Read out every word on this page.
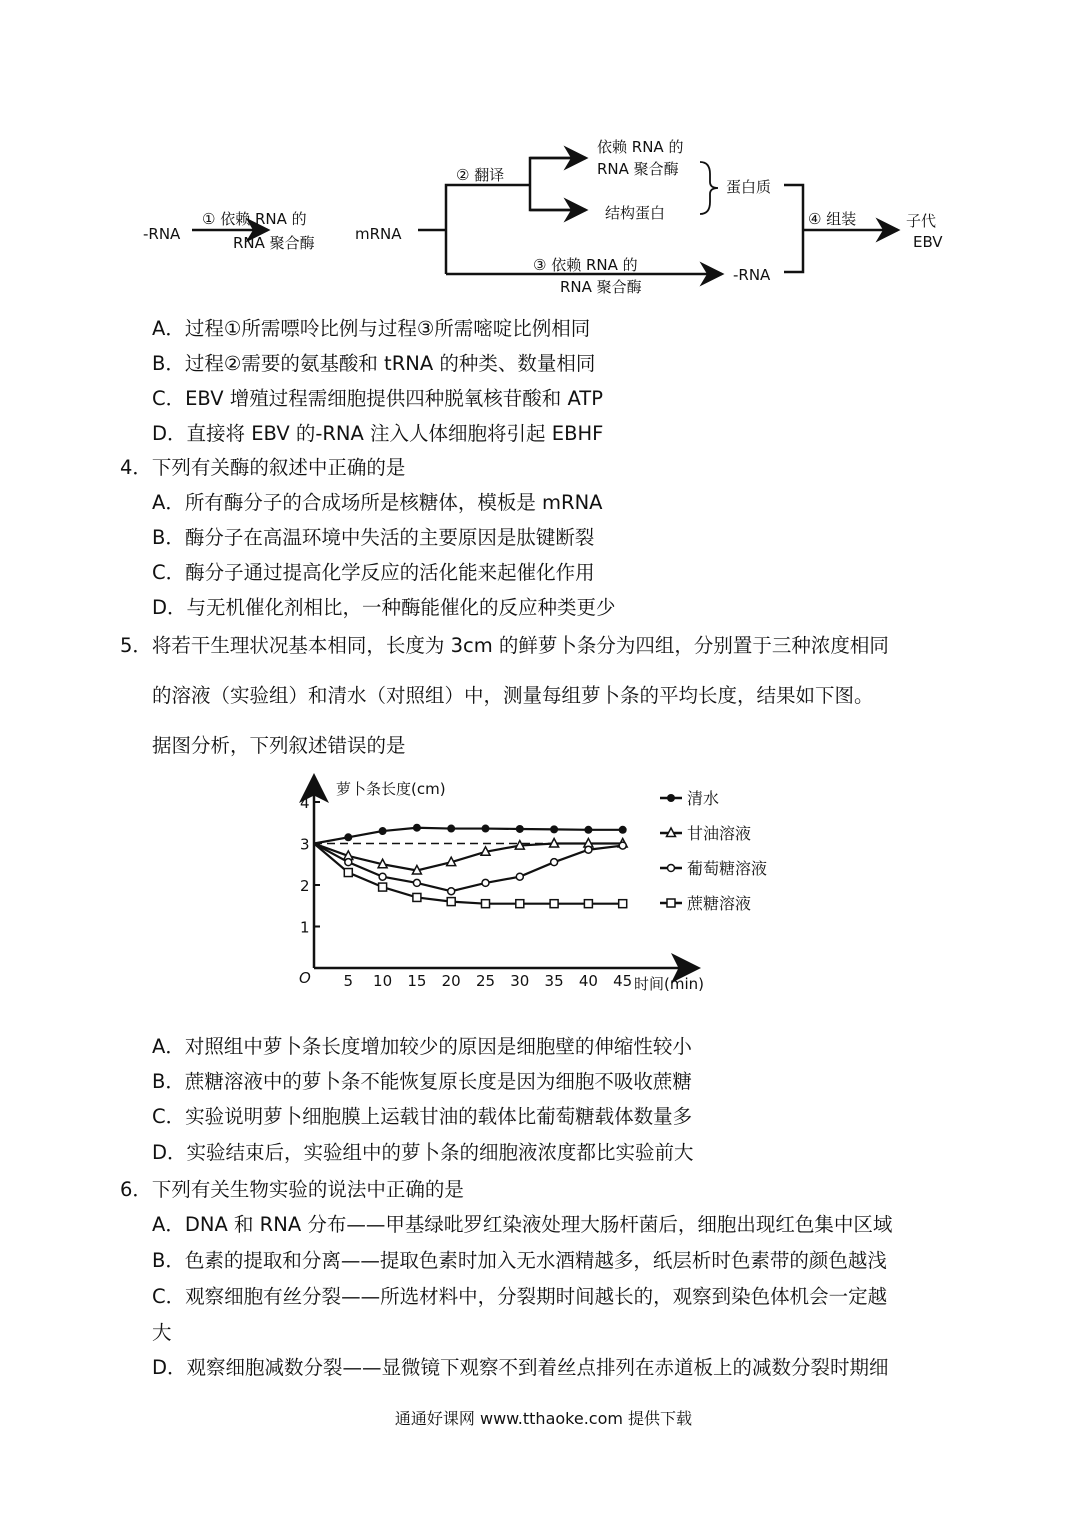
-RNA
① 依赖 RNA 的
RNA 聚合酶	mRNA
② 翻译
依赖 RNA 的
RNA 聚合酶
结构蛋白
蛋白质
③ 依赖 RNA 的
RNA 聚合酶
-RNA
④ 组装	子代
EBV
A．过程①所需嘌呤比例与过程③所需嘧啶比例相同
B．过程②需要的氨基酸和 tRNA 的种类、数量相同
C．EBV 增殖过程需细胞提供四种脱氧核苷酸和 ATP
D．直接将 EBV 的-RNA 注入人体细胞将引起 EBHF
4．下列有关酶的叙述中正确的是
A．所有酶分子的合成场所是核糖体，模板是 mRNA
B．酶分子在高温环境中失活的主要原因是肽键断裂
C．酶分子通过提高化学反应的活化能来起催化作用
D．与无机催化剂相比，一种酶能催化的反应种类更少
5．将若干生理状况基本相同，长度为 3cm 的鲜萝卜条分为四组，分别置于三种浓度相同
的溶液（实验组）和清水（对照组）中，测量每组萝卜条的平均长度，结果如下图。
据图分析，下列叙述错误的是
萝卜条长度(cm)
时间(min)
O
1
2
3
4
5 10 15 20 25 30 35 40 45
清水
甘油溶液
葡萄糖溶液
蔗糖溶液
A．对照组中萝卜条长度增加较少的原因是细胞壁的伸缩性较小
B．蔗糖溶液中的萝卜条不能恢复原长度是因为细胞不吸收蔗糖
C．实验说明萝卜细胞膜上运载甘油的载体比葡萄糖载体数量多
D．实验结束后，实验组中的萝卜条的细胞液浓度都比实验前大
6．下列有关生物实验的说法中正确的是
A．DNA 和 RNA 分布——甲基绿吡罗红染液处理大肠杆菌后，细胞出现红色集中区域
B．色素的提取和分离——提取色素时加入无水酒精越多，纸层析时色素带的颜色越浅
C．观察细胞有丝分裂——所选材料中，分裂期时间越长的，观察到染色体机会一定越
大
D．观察细胞减数分裂——显微镜下观察不到着丝点排列在赤道板上的减数分裂时期细
通通好课网 www.tthaoke.com 提供下载
